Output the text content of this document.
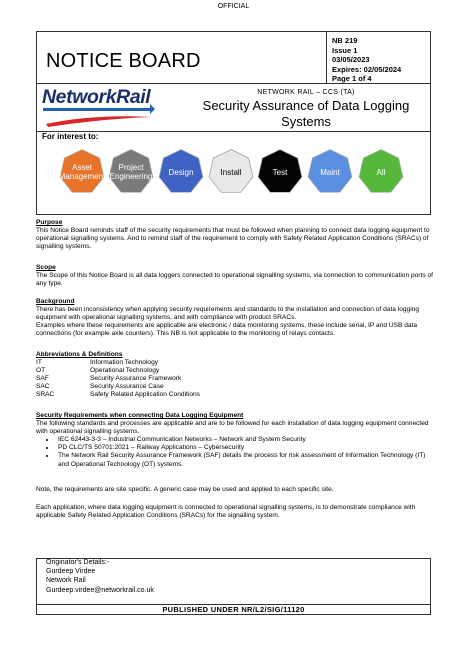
OFFICIAL
NOTICE BOARD
NB 219
Issue 1
03/05/2023
Expires: 02/05/2024
Page 1 of 4
NetworkRail	NETWORK RAIL – CCS (TA)
Security Assurance of Data Logging Systems
For interest to:
Asset Management
Project Engineering	Design	Install	Test	Maint	All
Purpose
This Notice Board reminds staff of the security requirements that must be followed when planning to connect data logging equipment to operational signalling systems. And to remind staff of the requirement to comply with Safety Related Application Conditions (SRACs) of signalling systems.
Scope
The Scope of this Notice Board is all data loggers connected to operational signalling systems, via connection to communication ports of any type.
Background
There has been inconsistency when applying security requirements and standards to the installation and connection of data logging equipment with operational signalling systems, and with compliance with product SRACs.
Examples where these requirements are applicable are electronic / data monitoring systems, these include serial, IP and USB data connections (for example axle counters). This NB is not applicable to the monitoring of relays contacts.
Abbreviations & Definitions
IT	Information Technology
OT	Operational Technology
SAF	Security Assurance Framework
SAC	Security Assurance Case
SRAC	Safety Related Application Conditions
Security Requirements when connecting Data Logging Equipment
The following standards and processes are applicable and are to be followed for each installation of data logging equipment connected with operational signalling systems.
• IEC 62443-3-3 – Industrial Communication Networks – Network and System Security
• PD CLC/TS 50701:2021 – Railway Applications – Cybersecurity
• The Network Rail Security Assurance Framework (SAF) details the process for risk assessment of Information Technology (IT) and Operational Technology (OT) systems.
Note, the requirements are site specific. A generic case may be used and applied to each specific site.
Each application, where data logging equipment is connected to operational signalling systems, is to demonstrate compliance with applicable Safety Related Application Conditions (SRACs) for the signalling system.
Originator's Details:-
Gurdeep Virdee
Network Rail
Gurdeep.virdee@networkrail.co.uk
PUBLISHED UNDER NR/L2/SIG/11120
